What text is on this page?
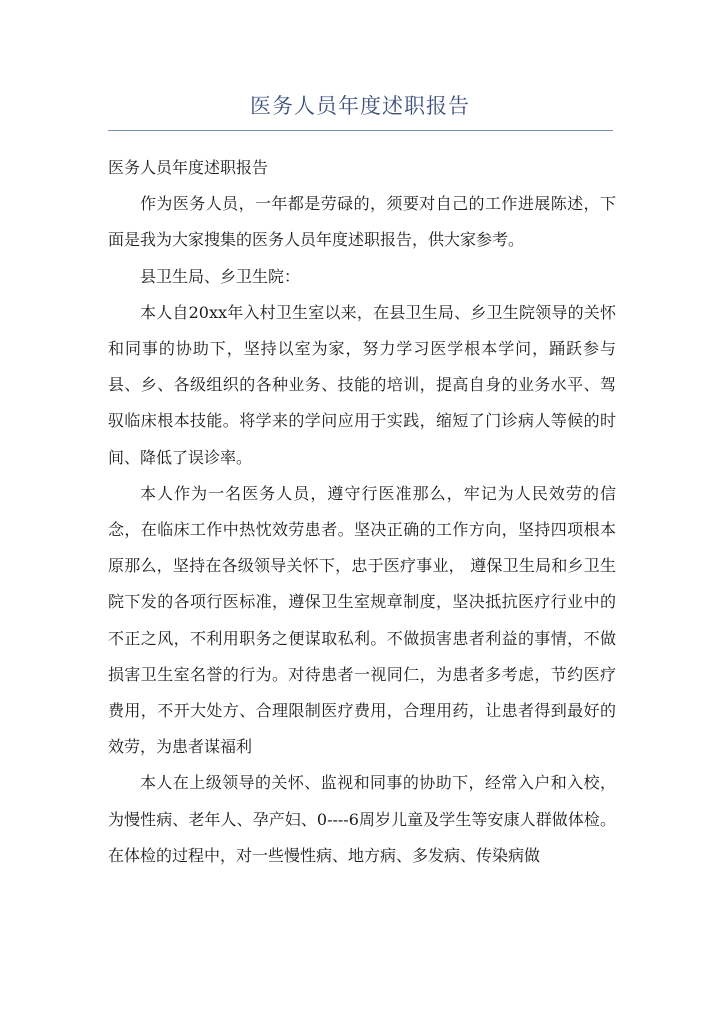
医务人员年度述职报告

医务人员年度述职报告

作为医务人员，一年都是劳碌的，须要对自己的工作进展陈述，下面是我为大家搜集的医务人员年度述职报告，供大家参考。

县卫生局、乡卫生院：

本人自20xx年入村卫生室以来，在县卫生局、乡卫生院领导的关怀和同事的协助下，坚持以室为家，努力学习医学根本学问，踊跃参与县、乡、各级组织的各种业务、技能的培训，提高自身的业务水平、驾驭临床根本技能。将学来的学问应用于实践，缩短了门诊病人等候的时间、降低了误诊率。

本人作为一名医务人员，遵守行医准那么，牢记为人民效劳的信念，在临床工作中热忱效劳患者。坚决正确的工作方向，坚持四项根本原那么，坚持在各级领导关怀下，忠于医疗事业， 遵保卫生局和乡卫生院下发的各项行医标准，遵保卫生室规章制度，坚决抵抗医疗行业中的不正之风，不利用职务之便谋取私利。不做损害患者利益的事情，不做损害卫生室名誉的行为。对待患者一视同仁，为患者多考虑，节约医疗费用，不开大处方、合理限制医疗费用，合理用药，让患者得到最好的效劳，为患者谋福利

本人在上级领导的关怀、监视和同事的协助下，经常入户和入校，为慢性病、老年人、孕产妇、0----6周岁儿童及学生等安康人群做体检。在体检的过程中，对一些慢性病、地方病、多发病、传染病做
